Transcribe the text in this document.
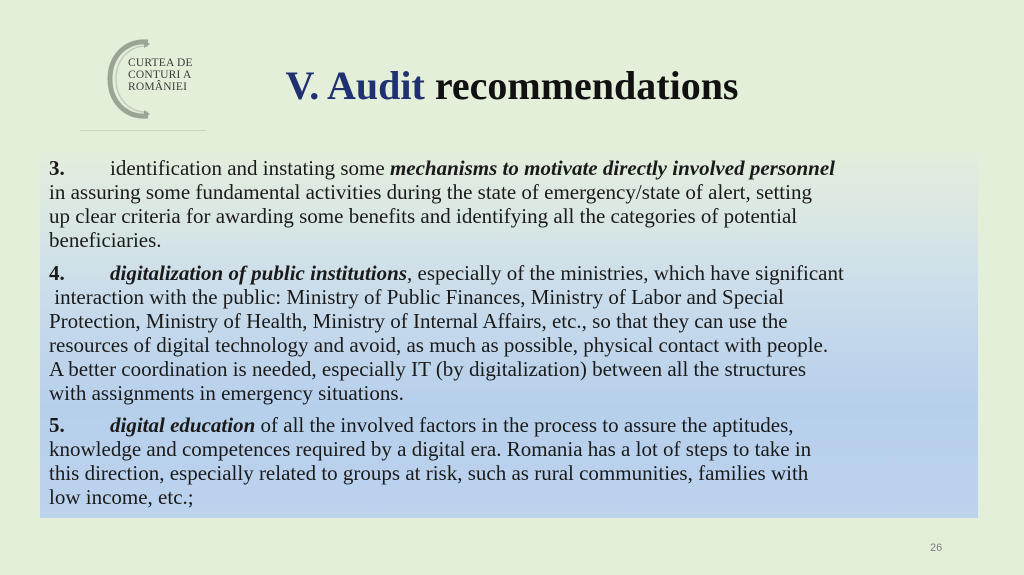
CURTEA DE
CONTURI A
ROMÂNIEI	V. Audit recommendations
3. identification and instating some mechanisms to motivate directly involved personnel
in assuring some fundamental activities during the state of emergency/state of alert, setting
up clear criteria for awarding some benefits and identifying all the categories of potential
beneficiaries.
4. digitalization of public institutions, especially of the ministries, which have significant
interaction with the public: Ministry of Public Finances, Ministry of Labor and Special
Protection, Ministry of Health, Ministry of Internal Affairs, etc., so that they can use the
resources of digital technology and avoid, as much as possible, physical contact with people.
A better coordination is needed, especially IT (by digitalization) between all the structures
with assignments in emergency situations.
5. digital education of all the involved factors in the process to assure the aptitudes,
knowledge and competences required by a digital era. Romania has a lot of steps to take in
this direction, especially related to groups at risk, such as rural communities, families with
low income, etc.;
26
